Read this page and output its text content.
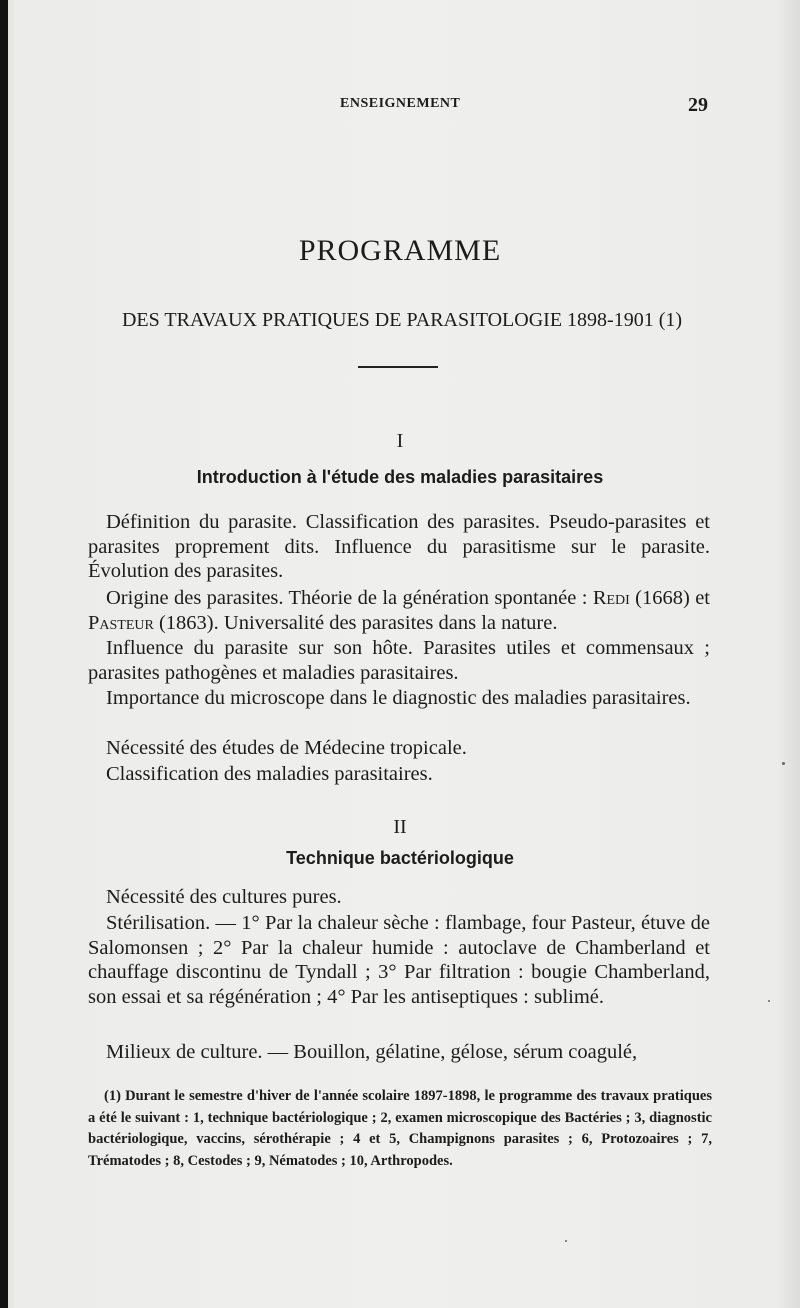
ENSEIGNEMENT	29
PROGRAMME
DES TRAVAUX PRATIQUES DE PARASITOLOGIE 1898-1901 (1)
I
Introduction à l'étude des maladies parasitaires

Définition du parasite. Classification des parasites. Pseudo-parasites et parasites proprement dits. Influence du parasitisme sur le parasite. Évolution des parasites.

Origine des parasites. Théorie de la génération spontanée : Redi (1668) et Pasteur (1863). Universalité des parasites dans la nature.

Influence du parasite sur son hôte. Parasites utiles et commensaux ; parasites pathogènes et maladies parasitaires.

Importance du microscope dans le diagnostic des maladies parasitaires.

Nécessité des études de Médecine tropicale.

Classification des maladies parasitaires.

II
Technique bactériologique

Nécessité des cultures pures.

Stérilisation. — 1° Par la chaleur sèche : flambage, four Pasteur, étuve de Salomonsen ; 2° Par la chaleur humide : autoclave de Chamberland et chauffage discontinu de Tyndall ; 3° Par filtration : bougie Chamberland, son essai et sa régénération ; 4° Par les antiseptiques : sublimé.

Milieux de culture. — Bouillon, gélatine, gélose, sérum coagulé,

(1) Durant le semestre d'hiver de l'année scolaire 1897-1898, le programme des travaux pratiques a été le suivant : 1, technique bactériologique ; 2, examen microscopique des Bactéries ; 3, diagnostic bactériologique, vaccins, sérothérapie ; 4 et 5, Champignons parasites ; 6, Protozoaires ; 7, Trématodes ; 8, Cestodes ; 9, Nématodes ; 10, Arthropodes.
